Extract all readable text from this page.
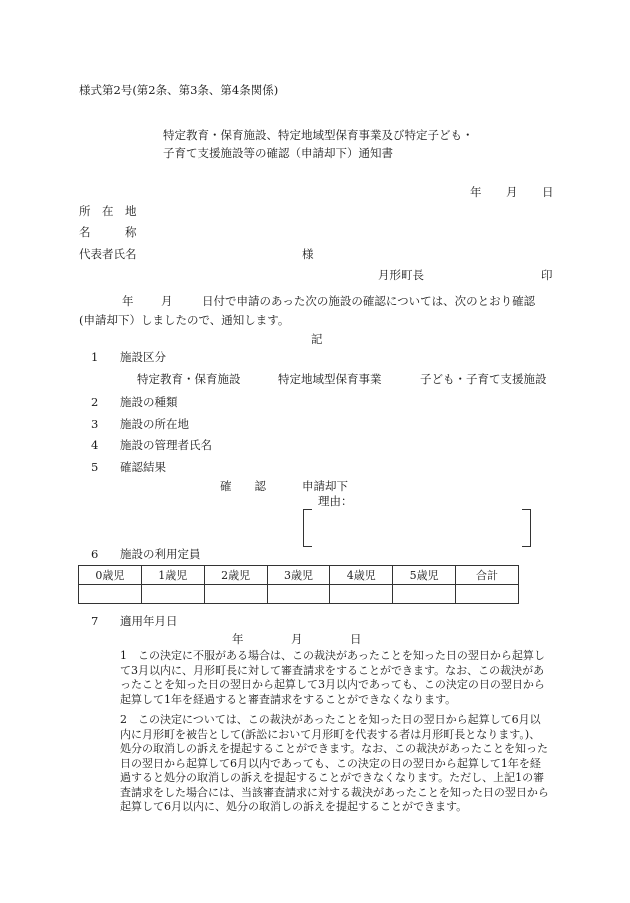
様式第2号(第2条、第3条、第4条関係)
特定教育・保育施設、特定地域型保育事業及び特定子ども・
子育て支援施設等の確認（申請却下）通知書
年 月 日
所　在　地
名　　　称
代表者氏名	様
月形町長	印
年 月	日付で申請のあった次の施設の確認については、次のとおり確認
(申請却下）しましたので、通知します。
記
1 施設区分
特定教育・保育施設	特定地域型保育事業	子ども・子育て支援施設
2 施設の種類
3 施設の所在地
4 施設の管理者氏名
5 確認結果
確　　認	申請却下
理由：
6 施設の利用定員
0歳児	1歳児	2歳児	3歳児	4歳児	5歳児	合計

7 適用年月日
年	月	日
1　この決定に不服がある場合は、この裁決があったことを知った日の翌日から起算して3月以内に、月形町長に対して審査請求をすることができます。なお、この裁決があったことを知った日の翌日から起算して3月以内であっても、この決定の日の翌日から起算して1年を経過すると審査請求をすることができなくなります。
2　この決定については、この裁決があったことを知った日の翌日から起算して6月以内に月形町を被告として(訴訟において月形町を代表する者は月形町長となります。)、処分の取消しの訴えを提起することができます。なお、この裁決があったことを知った日の翌日から起算して6月以内であっても、この決定の日の翌日から起算して1年を経過すると処分の取消しの訴えを提起することができなくなります。ただし、上記1の審査請求をした場合には、当該審査請求に対する裁決があったことを知った日の翌日から起算して6月以内に、処分の取消しの訴えを提起することができます。
